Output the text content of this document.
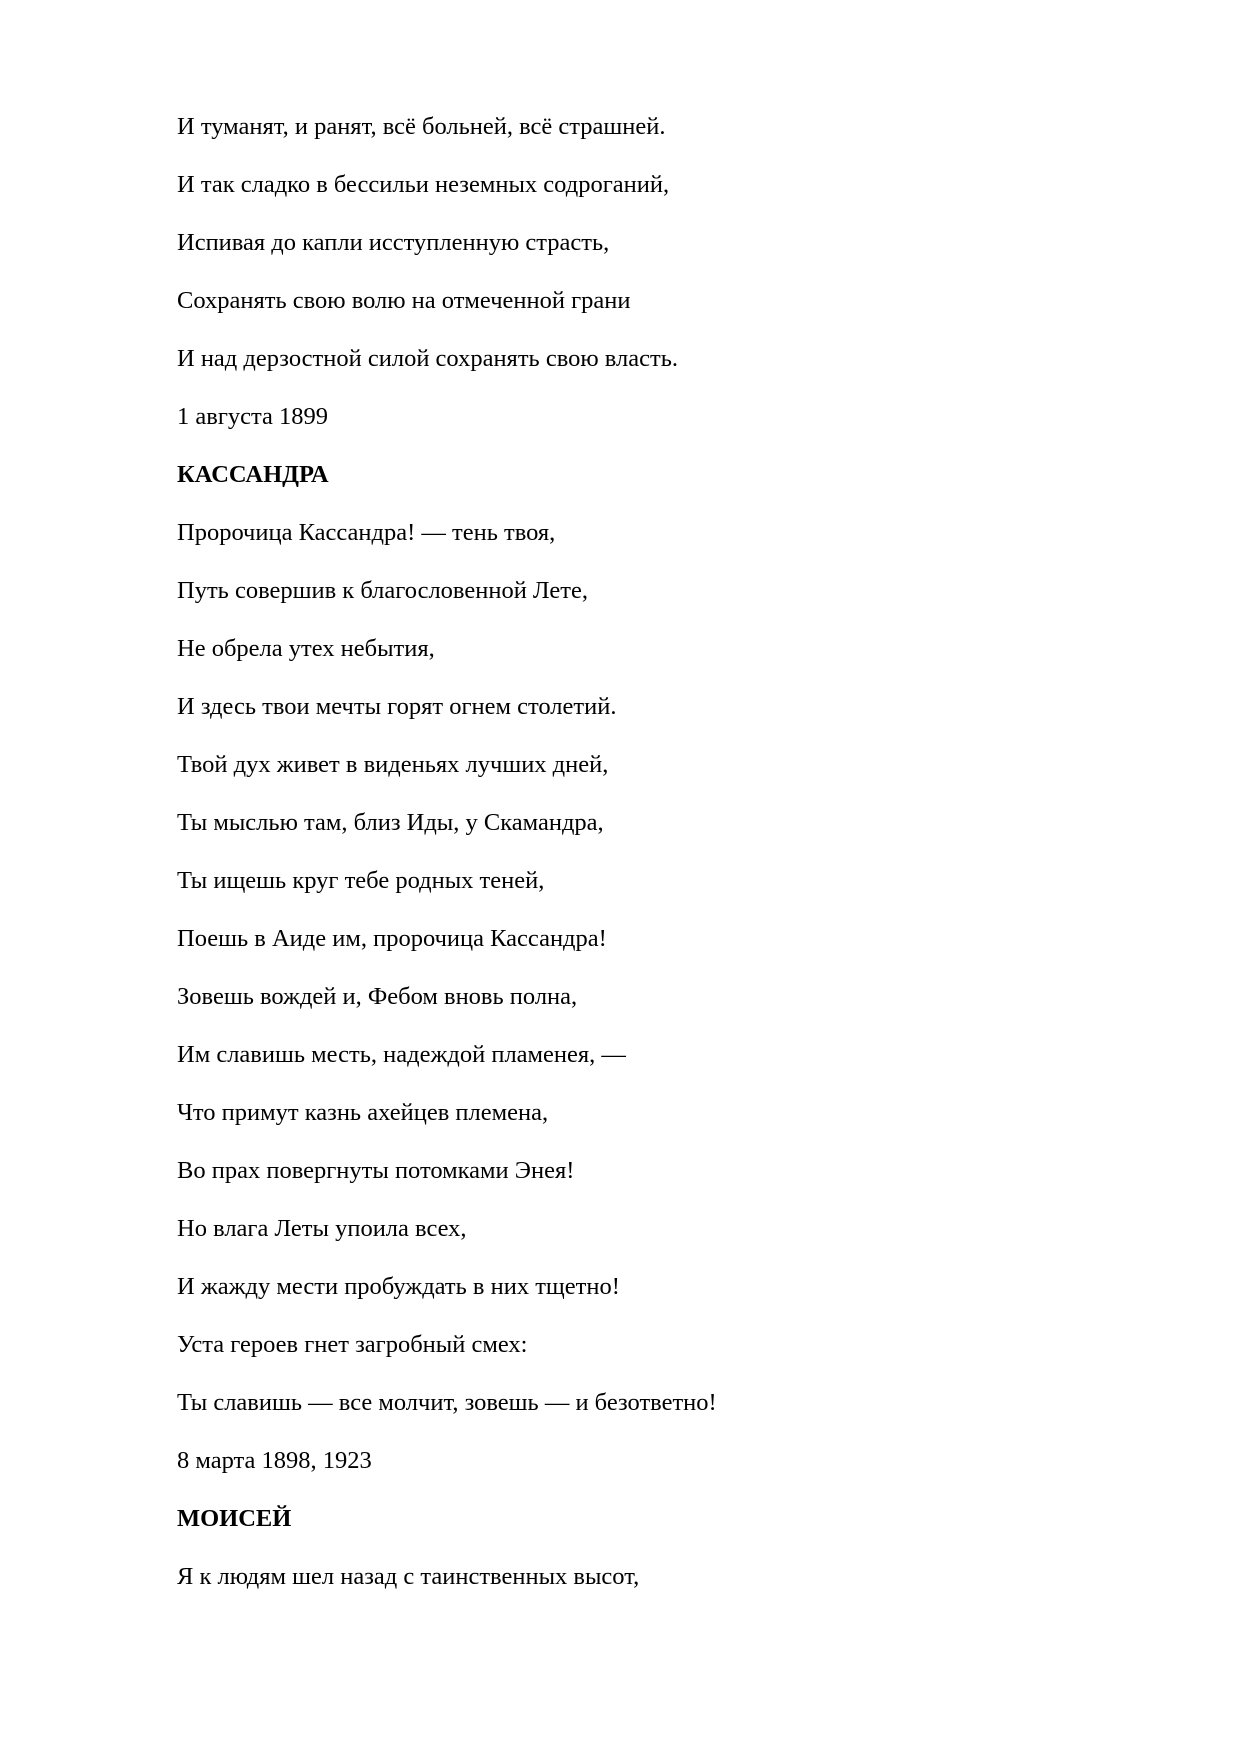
И туманят, и ранят, всё больней, всё страшней.
И так сладко в бессильи неземных содроганий,
Испивая до капли исступленную страсть,
Сохранять свою волю на отмеченной грани
И над дерзостной силой сохранять свою власть.
1 августа 1899
КАССАНДРА
Пророчица Кассандра! — тень твоя,
Путь совершив к благословенной Лете,
Не обрела утех небытия,
И здесь твои мечты горят огнем столетий.
Твой дух живет в виденьях лучших дней,
Ты мыслью там, близ Иды, у Скамандра,
Ты ищешь круг тебе родных теней,
Поешь в Аиде им, пророчица Кассандра!
Зовешь вождей и, Фебом вновь полна,
Им славишь месть, надеждой пламенея, —
Что примут казнь ахейцев племена,
Во прах повергнуты потомками Энея!
Но влага Леты упоила всех,
И жажду мести пробуждать в них тщетно!
Уста героев гнет загробный смех:
Ты славишь — все молчит, зовешь — и безответно!
8 марта 1898, 1923
МОИСЕЙ
Я к людям шел назад с таинственных высот,
